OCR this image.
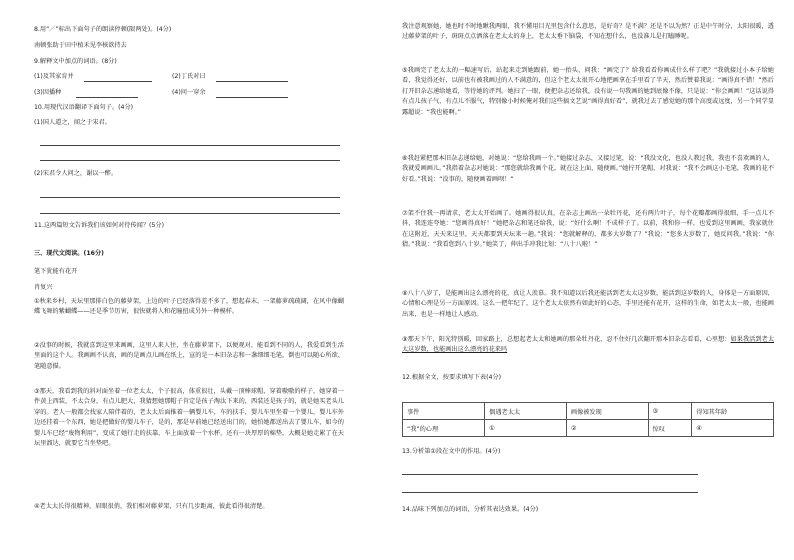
8.用“／”标出下面句子的朗读停顿(限两处)。(4分)
南顿张助于田中植禾见李核欲持去
9.解释文中加点的词语。(8分)
(1)及其家育并	(2)丁氏对曰
(3)因播种	(4)问一穿余
10.用现代汉语翻译下面句子。(4分)
(1)国人道之，闻之于宋君。
(2)宋君令人问之，谢以一醉。
11.这两篇短文告诉我们该如何对待传闻？(5分)
三、现代文阅读。(16分)
笔下犹能有花开
肖复兴
①秋来乡村，天坛里那排白色的藤萝架，上边的叶子已经落得差不多了，想起春末，一架藤萝疏疏阔，在风中像蝴蝶飞舞的紫蝴蝶——还是季节历害，很快就将人和花瞳扭成另外一种模样。
②没事的时候，我就喜到这里来画画，这里人来人往，坐在藤萝架下，以便观对，能看到不同的人，我爱看到生活里面的这个人。我画画不认真，画的是画点儿画在纸上，宣的是一本旧杂志和一盏细细毛笔，倒也可以随心所欲、笔随意描。
③那天，我看到我的斜对面坐着一位老太太，个子很高，体重很壮，头戴一顶棒球帽，穿着嗷嗷的样子，她穿着一件黄上西装，不太合身，有点儿肥大，我猜想她那帽子肯定是孩子淘汰下来的，西装还是孩子的，就是她买老头儿穿的。老人一般都会找家人陪伴着的，老太太后面推着一辆婴儿车，车的扶手，婴儿车里坐着一个婴儿，婴儿车外边还挂着一个东西，她是把做好的婴儿车子，是的，那是早前她已经送出门的，她怕她都送出去了婴儿车，如今的婴儿车已经“废物利用”，变成了她行走的扶靠，车上面放着一个水杯，还有一块厚厚的棉垫，大概是她走累了在天坛里溜达，就要它当坐垫吧。
④老太太长得很精神，眉眼很俏，我们相对藤萝架，只有几步距离，彼此看得很清楚。
我注意观察她，她也时不时地瞅我两眼，我不懂用目光里包含什么意思，是好奇？是不满？还是不以为然？正是中午时分，太阳很暖，透过藤萝架的叶子，斑斑点点洒落在老太太的身上，老太太垂下脑袋，不知在想什么，也没准儿是打瞌睡呢。
⑤我画完了老太太的一幅速写后，站起来走到她跟前，她一抬头，问我：“画完了？给我看看你画成什么样了吧？”我就接过小本子给她看，我觉得还好，以前也有被我画过的人不满意的，但这个老太太很开心地把画拿在手里看了半天，然后赞着我说：“画得真不错！”然后打开旧杂志递给她看，等待她的评判。她扫了一眼，便把杂志还给我，没有说一句我画的她到底像不像，只是说：“你会画画！”这话说得有点儿孩子气，有点儿不服气，特别像小时候俺对我们这些搞文艺说“画得真好看”，就我过去了感觉她的那个高度或远度，另一个同学显露超说：“我也能啊。”
⑥我赶紧把那本旧杂志递给她，对她说：“您给我画一个。”她接过杂志，又接过笔，说：“我没文化，也没人教过我，我也不喜欢画的人，我就爱画画儿。”我指着杂志对她说：“那您就给我画个花，就在这上面，随便画。”她拧开笔帽，对我说：“我不会画这小毛笔，我画的花不好看。”我说：“没事的，随便画着画呗！”
⑦架不住我一再请求，老太太开始画了。她画得很认真，在杂志上画出一朵牡丹花，还有两片叶子，每个花瓣都画得很细，手一点儿不抖，我连连夸她：“您画得真好！”她把杂志和笔还给我，说：“好什么啊！不成样子了。以前，我和你一样，也爱到这里画画，我家就住在这附近，天天来这里，天天都要到天坛来一趟。”我说：“您就解释的，都多大岁数了？”我说：“您多大岁数了，她反问我。”我说：“你猜。”我说：“我看您到八十岁。”她笑了，伸出手冲我比划：“八十八啦！”
⑧八十八岁了，是能画出这么漂亮的花，真让人羡慕。我不知道以后我还能活到老太太这岁数，能活到这岁数的人，身体是一方面原因，心情和心理是另一方面原因。这么一把年纪了，这个老太太依然有如此好的心态，手里还能有花开，这样的生命，如老太太一般，也能画出来，也是一样地让人感动。
⑨那天下午，阳光特别暖，回家路上，总想起老太太和她画的那朵牡丹花，忍不住好几次翻开那本旧杂志看看，心里想：如果我活到老太太这岁数，也能画出这么漂亮的花来吗
12.根据全文，按要求填写下表(4分)
事件	偶遇老太太	画像被发现	③	得知其年龄
“我”的心理	①	②	惊叹	④
13.分析第①段在文中的作用。(4分)
14.品味下列加点的词语，分析其表达效果。(4分)
